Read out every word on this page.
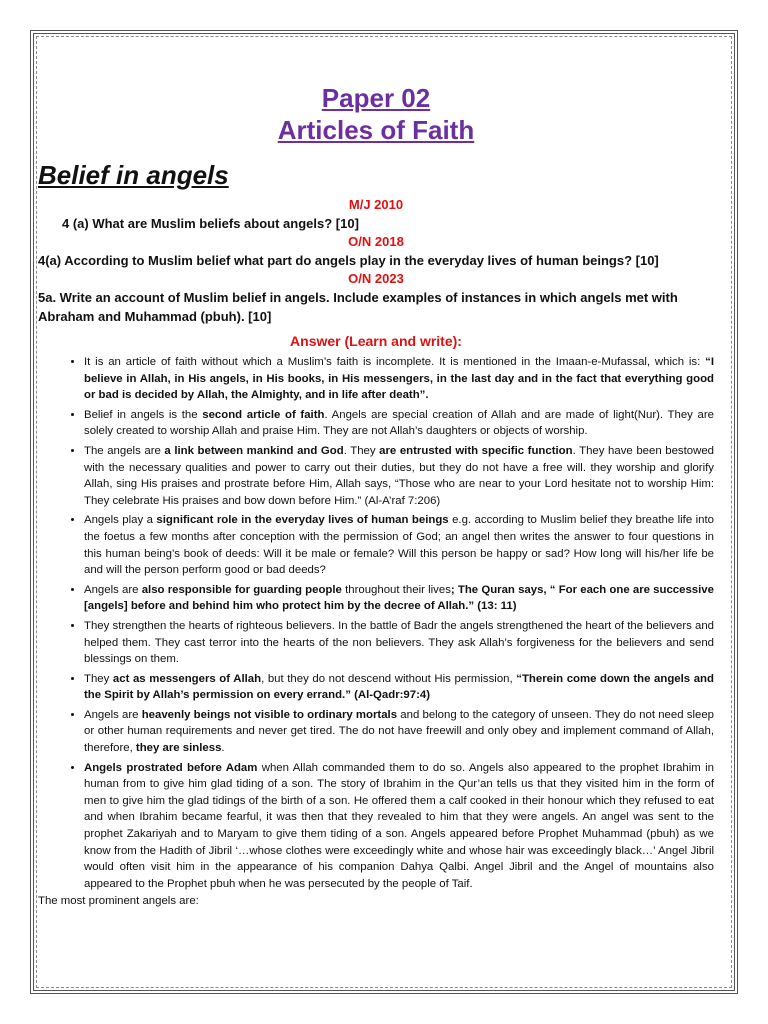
Paper 02
Articles of Faith
Belief in angels

M/J 2010

4 (a) What are Muslim beliefs about angels? [10]

O/N 2018

4(a) According to Muslim belief what part do angels play in the everyday lives of human beings? [10]

O/N 2023

5a. Write an account of Muslim belief in angels. Include examples of instances in which angels met with Abraham and Muhammad (pbuh). [10]

Answer (Learn and write):
• It is an article of faith without which a Muslim’s faith is incomplete. It is mentioned in the Imaan-e-Mufassal, which is: “I believe in Allah, in His angels, in His books, in His messengers, in the last day and in the fact that everything good or bad is decided by Allah, the Almighty, and in life after death”.
• Belief in angels is the second article of faith. Angels are special creation of Allah and are made of light(Nur). They are solely created to worship Allah and praise Him. They are not Allah’s daughters or objects of worship.
• The angels are a link between mankind and God. They are entrusted with specific function. They have been bestowed with the necessary qualities and power to carry out their duties, but they do not have a free will. they worship and glorify Allah, sing His praises and prostrate before Him, Allah says, “Those who are near to your Lord hesitate not to worship Him: They celebrate His praises and bow down before Him.” (Al-A’raf 7:206)
• Angels play a significant role in the everyday lives of human beings e.g. according to Muslim belief they breathe life into the foetus a few months after conception with the permission of God; an angel then writes the answer to four questions in this human being’s book of deeds: Will it be male or female? Will this person be happy or sad? How long will his/her life be and will the person perform good or bad deeds?
• Angels are also responsible for guarding people throughout their lives; The Quran says, “ For each one are successive [angels] before and behind him who protect him by the decree of Allah.” (13: 11)
• They strengthen the hearts of righteous believers. In the battle of Badr the angels strengthened the heart of the believers and helped them. They cast terror into the hearts of the non believers. They ask Allah’s forgiveness for the believers and send blessings on them.
• They act as messengers of Allah, but they do not descend without His permission, “Therein come down the angels and the Spirit by Allah’s permission on every errand.” (Al-Qadr:97:4)
• Angels are heavenly beings not visible to ordinary mortals and belong to the category of unseen. They do not need sleep or other human requirements and never get tired. The do not have freewill and only obey and implement command of Allah, therefore, they are sinless.
• Angels prostrated before Adam when Allah commanded them to do so. Angels also appeared to the prophet Ibrahim in human from to give him glad tiding of a son. The story of Ibrahim in the Qur’an tells us that they visited him in the form of men to give him the glad tidings of the birth of a son. He offered them a calf cooked in their honour which they refused to eat and when Ibrahim became fearful, it was then that they revealed to him that they were angels. An angel was sent to the prophet Zakariyah and to Maryam to give them tiding of a son. Angels appeared before Prophet Muhammad (pbuh) as we know from the Hadith of Jibril ‘…whose clothes were exceedingly white and whose hair was exceedingly black…’ Angel Jibril would often visit him in the appearance of his companion Dahya Qalbi. Angel Jibril and the Angel of mountains also appeared to the Prophet pbuh when he was persecuted by the people of Taif.
The most prominent angels are:
